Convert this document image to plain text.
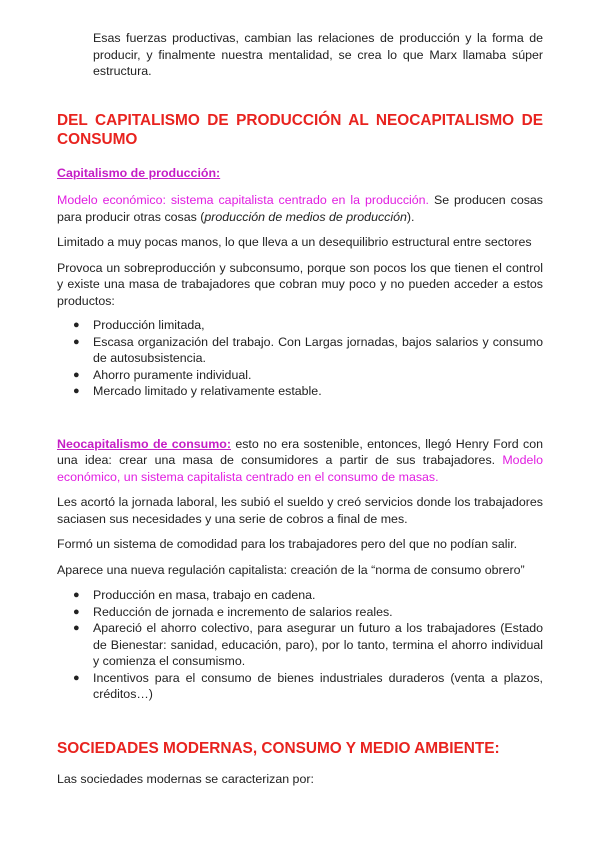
Esas fuerzas productivas, cambian las relaciones de producción y la forma de producir, y finalmente nuestra mentalidad, se crea lo que Marx llamaba súper estructura.

DEL CAPITALISMO DE PRODUCCIÓN AL NEOCAPITALISMO DE CONSUMO

Capitalismo de producción:

Modelo económico: sistema capitalista centrado en la producción. Se producen cosas para producir otras cosas (producción de medios de producción).

Limitado a muy pocas manos, lo que lleva a un desequilibrio estructural entre sectores

Provoca un sobreproducción y subconsumo, porque son pocos los que tienen el control y existe una masa de trabajadores que cobran muy poco y no pueden acceder a estos productos:

● Producción limitada,
● Escasa organización del trabajo. Con Largas jornadas, bajos salarios y consumo de autosubsistencia.
● Ahorro puramente individual.
● Mercado limitado y relativamente estable.

Neocapitalismo de consumo: esto no era sostenible, entonces, llegó Henry Ford con una idea: crear una masa de consumidores a partir de sus trabajadores. Modelo económico, un sistema capitalista centrado en el consumo de masas.

Les acortó la jornada laboral, les subió el sueldo y creó servicios donde los trabajadores saciasen sus necesidades y una serie de cobros a final de mes.

Formó un sistema de comodidad para los trabajadores pero del que no podían salir.

Aparece una nueva regulación capitalista: creación de la “norma de consumo obrero”

● Producción en masa, trabajo en cadena.
● Reducción de jornada e incremento de salarios reales.
● Apareció el ahorro colectivo, para asegurar un futuro a los trabajadores (Estado de Bienestar: sanidad, educación, paro), por lo tanto, termina el ahorro individual y comienza el consumismo.
● Incentivos para el consumo de bienes industriales duraderos (venta a plazos, créditos…)
SOCIEDADES MODERNAS, CONSUMO Y MEDIO AMBIENTE:

Las sociedades modernas se caracterizan por:
